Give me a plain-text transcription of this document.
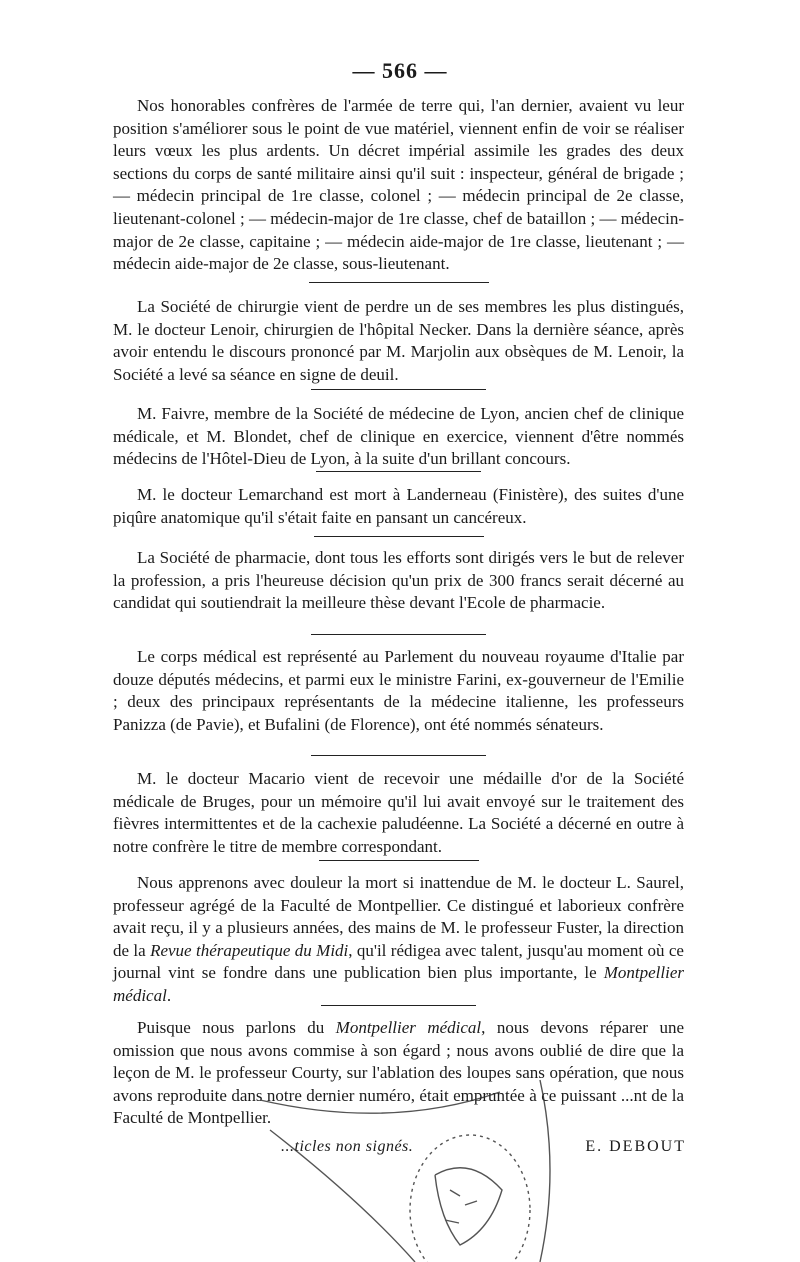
— 566 —

Nos honorables confrères de l'armée de terre qui, l'an dernier, avaient vu leur position s'améliorer sous le point de vue matériel, viennent enfin de voir se réaliser leurs vœux les plus ardents. Un décret impérial assimile les grades des deux sections du corps de santé militaire ainsi qu'il suit : inspecteur, général de brigade ; — médecin principal de 1re classe, colonel ; — médecin principal de 2e classe, lieutenant-colonel ; — médecin-major de 1re classe, chef de bataillon ; — médecin-major de 2e classe, capitaine ; — médecin aide-major de 1re classe, lieutenant ; — médecin aide-major de 2e classe, sous-lieutenant.

La Société de chirurgie vient de perdre un de ses membres les plus distingués, M. le docteur Lenoir, chirurgien de l'hôpital Necker. Dans la dernière séance, après avoir entendu le discours prononcé par M. Marjolin aux obsèques de M. Lenoir, la Société a levé sa séance en signe de deuil.

M. Faivre, membre de la Société de médecine de Lyon, ancien chef de clinique médicale, et M. Blondet, chef de clinique en exercice, viennent d'être nommés médecins de l'Hôtel-Dieu de Lyon, à la suite d'un brillant concours.

M. le docteur Lemarchand est mort à Landerneau (Finistère), des suites d'une piqûre anatomique qu'il s'était faite en pansant un cancéreux.

La Société de pharmacie, dont tous les efforts sont dirigés vers le but de relever la profession, a pris l'heureuse décision qu'un prix de 300 francs serait décerné au candidat qui soutiendrait la meilleure thèse devant l'Ecole de pharmacie.

Le corps médical est représenté au Parlement du nouveau royaume d'Italie par douze députés médecins, et parmi eux le ministre Farini, ex-gouverneur de l'Emilie ; deux des principaux représentants de la médecine italienne, les professeurs Panizza (de Pavie), et Bufalini (de Florence), ont été nommés sénateurs.

M. le docteur Macario vient de recevoir une médaille d'or de la Société médicale de Bruges, pour un mémoire qu'il lui avait envoyé sur le traitement des fièvres intermittentes et de la cachexie paludéenne. La Société a décerné en outre à notre confrère le titre de membre correspondant.

Nous apprenons avec douleur la mort si inattendue de M. le docteur L. Saurel, professeur agrégé de la Faculté de Montpellier. Ce distingué et laborieux confrère avait reçu, il y a plusieurs années, des mains de M. le professeur Fuster, la direction de la Revue thérapeutique du Midi, qu'il rédigea avec talent, jusqu'au moment où ce journal vint se fondre dans une publication bien plus importante, le Montpellier médical.

Puisque nous parlons du Montpellier médical, nous devons réparer une omission que nous avons commise à son égard ; nous avons oublié de dire que la leçon de M. le professeur Courty, sur l'ablation des loupes sans opération, que nous avons reproduite dans notre dernier numéro, était empruntée à ce puissant ...nt de la Faculté de Montpellier.

...ticles non signés.	E. DEBOUT
